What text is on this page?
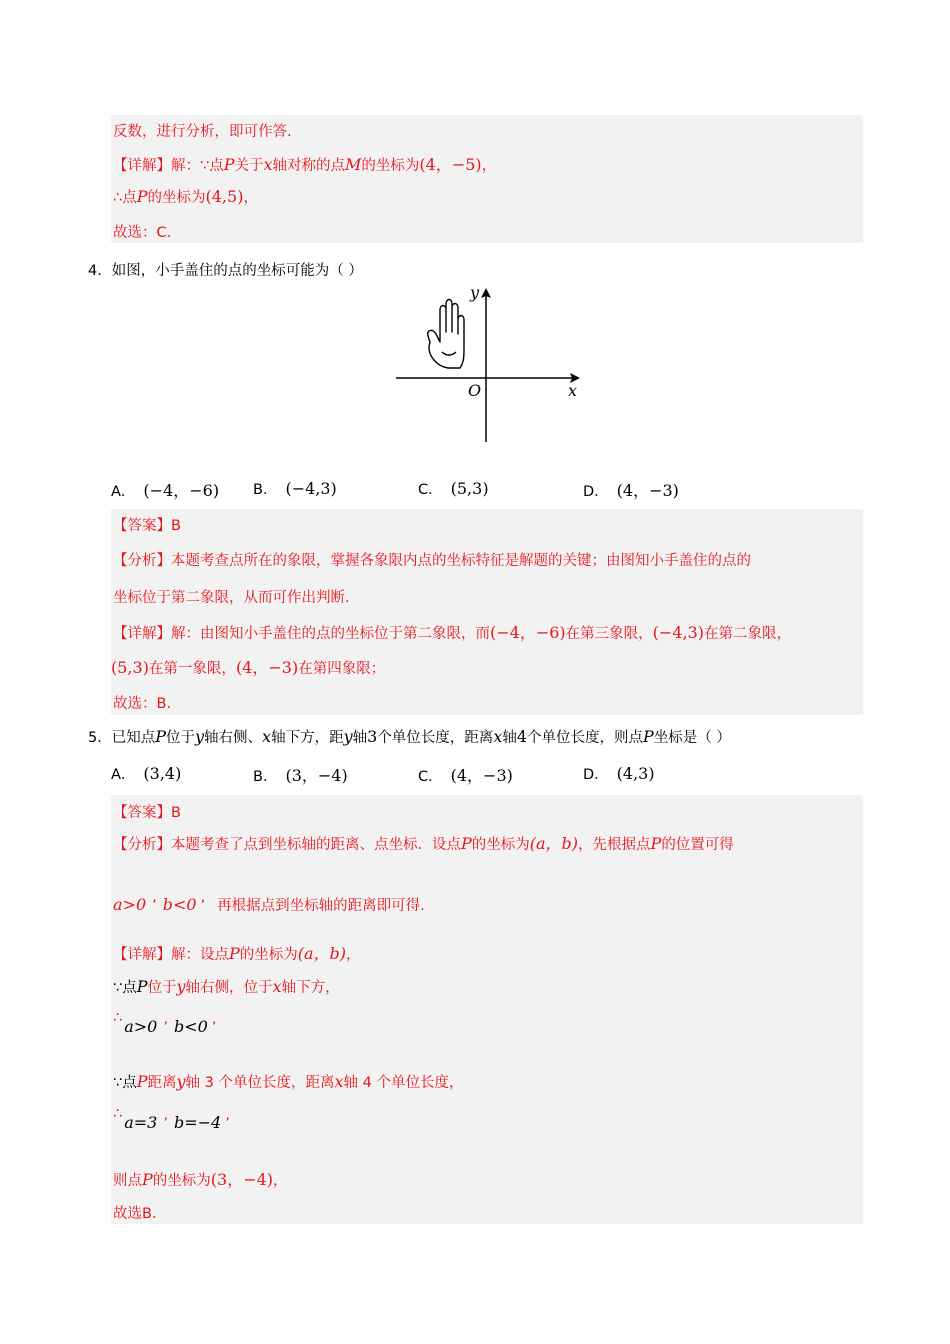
反数，进行分析，即可作答.
【详解】解：∵点P关于x轴对称的点M的坐标为(4，−5)，
∴点P的坐标为(4,5)，
故选：C.
4．如图，小手盖住的点的坐标可能为（ ）
x
y
O
A． (−4，−6) B． (−4,3)	C． (5,3)	D． (4，−3)
【答案】B
【分析】本题考查点所在的象限，掌握各象限内点的坐标特征是解题的关键；由图知小手盖住的点的
坐标位于第二象限，从而可作出判断.
【详解】解：由图知小手盖住的点的坐标位于第二象限，而(−4，−6)在第三象限，(−4,3)在第二象限，
(5,3)在第一象限，(4，−3)在第四象限；
故选：B.
5．已知点P位于y轴右侧、x轴下方，距y轴3个单位长度，距离x轴4个单位长度，则点P坐标是（ ）
A． (3,4)	B． (3，−4)	C． (4，−3)	D． (4,3)
【答案】B
【分析】本题考查了点到坐标轴的距离、点坐标．设点P的坐标为(a，b)，先根据点P的位置可得
a>0 ’ b<0 ’ 再根据点到坐标轴的距离即可得.
【详解】解：设点P的坐标为(a，b)，
∵点P位于y轴右侧，位于x轴下方，
∴ a>0 ’ b<0 ’
∵点P距离y轴 3 个单位长度，距离x轴 4 个单位长度，
∴ a=3 ’ b=−4 ’
则点P的坐标为(3，−4)，
故选B.
